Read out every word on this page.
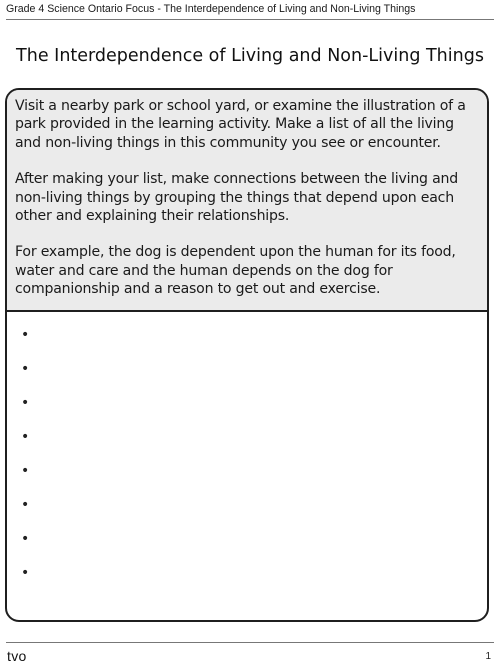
Grade 4 Science Ontario Focus - The Interdependence of Living and Non-Living Things
The Interdependence of Living and Non-Living Things

Visit a nearby park or school yard, or examine the illustration of a park provided in the learning activity. Make a list of all the living and non-living things in this community you see or encounter.

After making your list, make connections between the living and non-living things by grouping the things that depend upon each other and explaining their relationships.

For example, the dog is dependent upon the human for its food, water and care and the human depends on the dog for companionship and a reason to get out and exercise.

•
•
•
•
•
•
•
•
tvo	1
